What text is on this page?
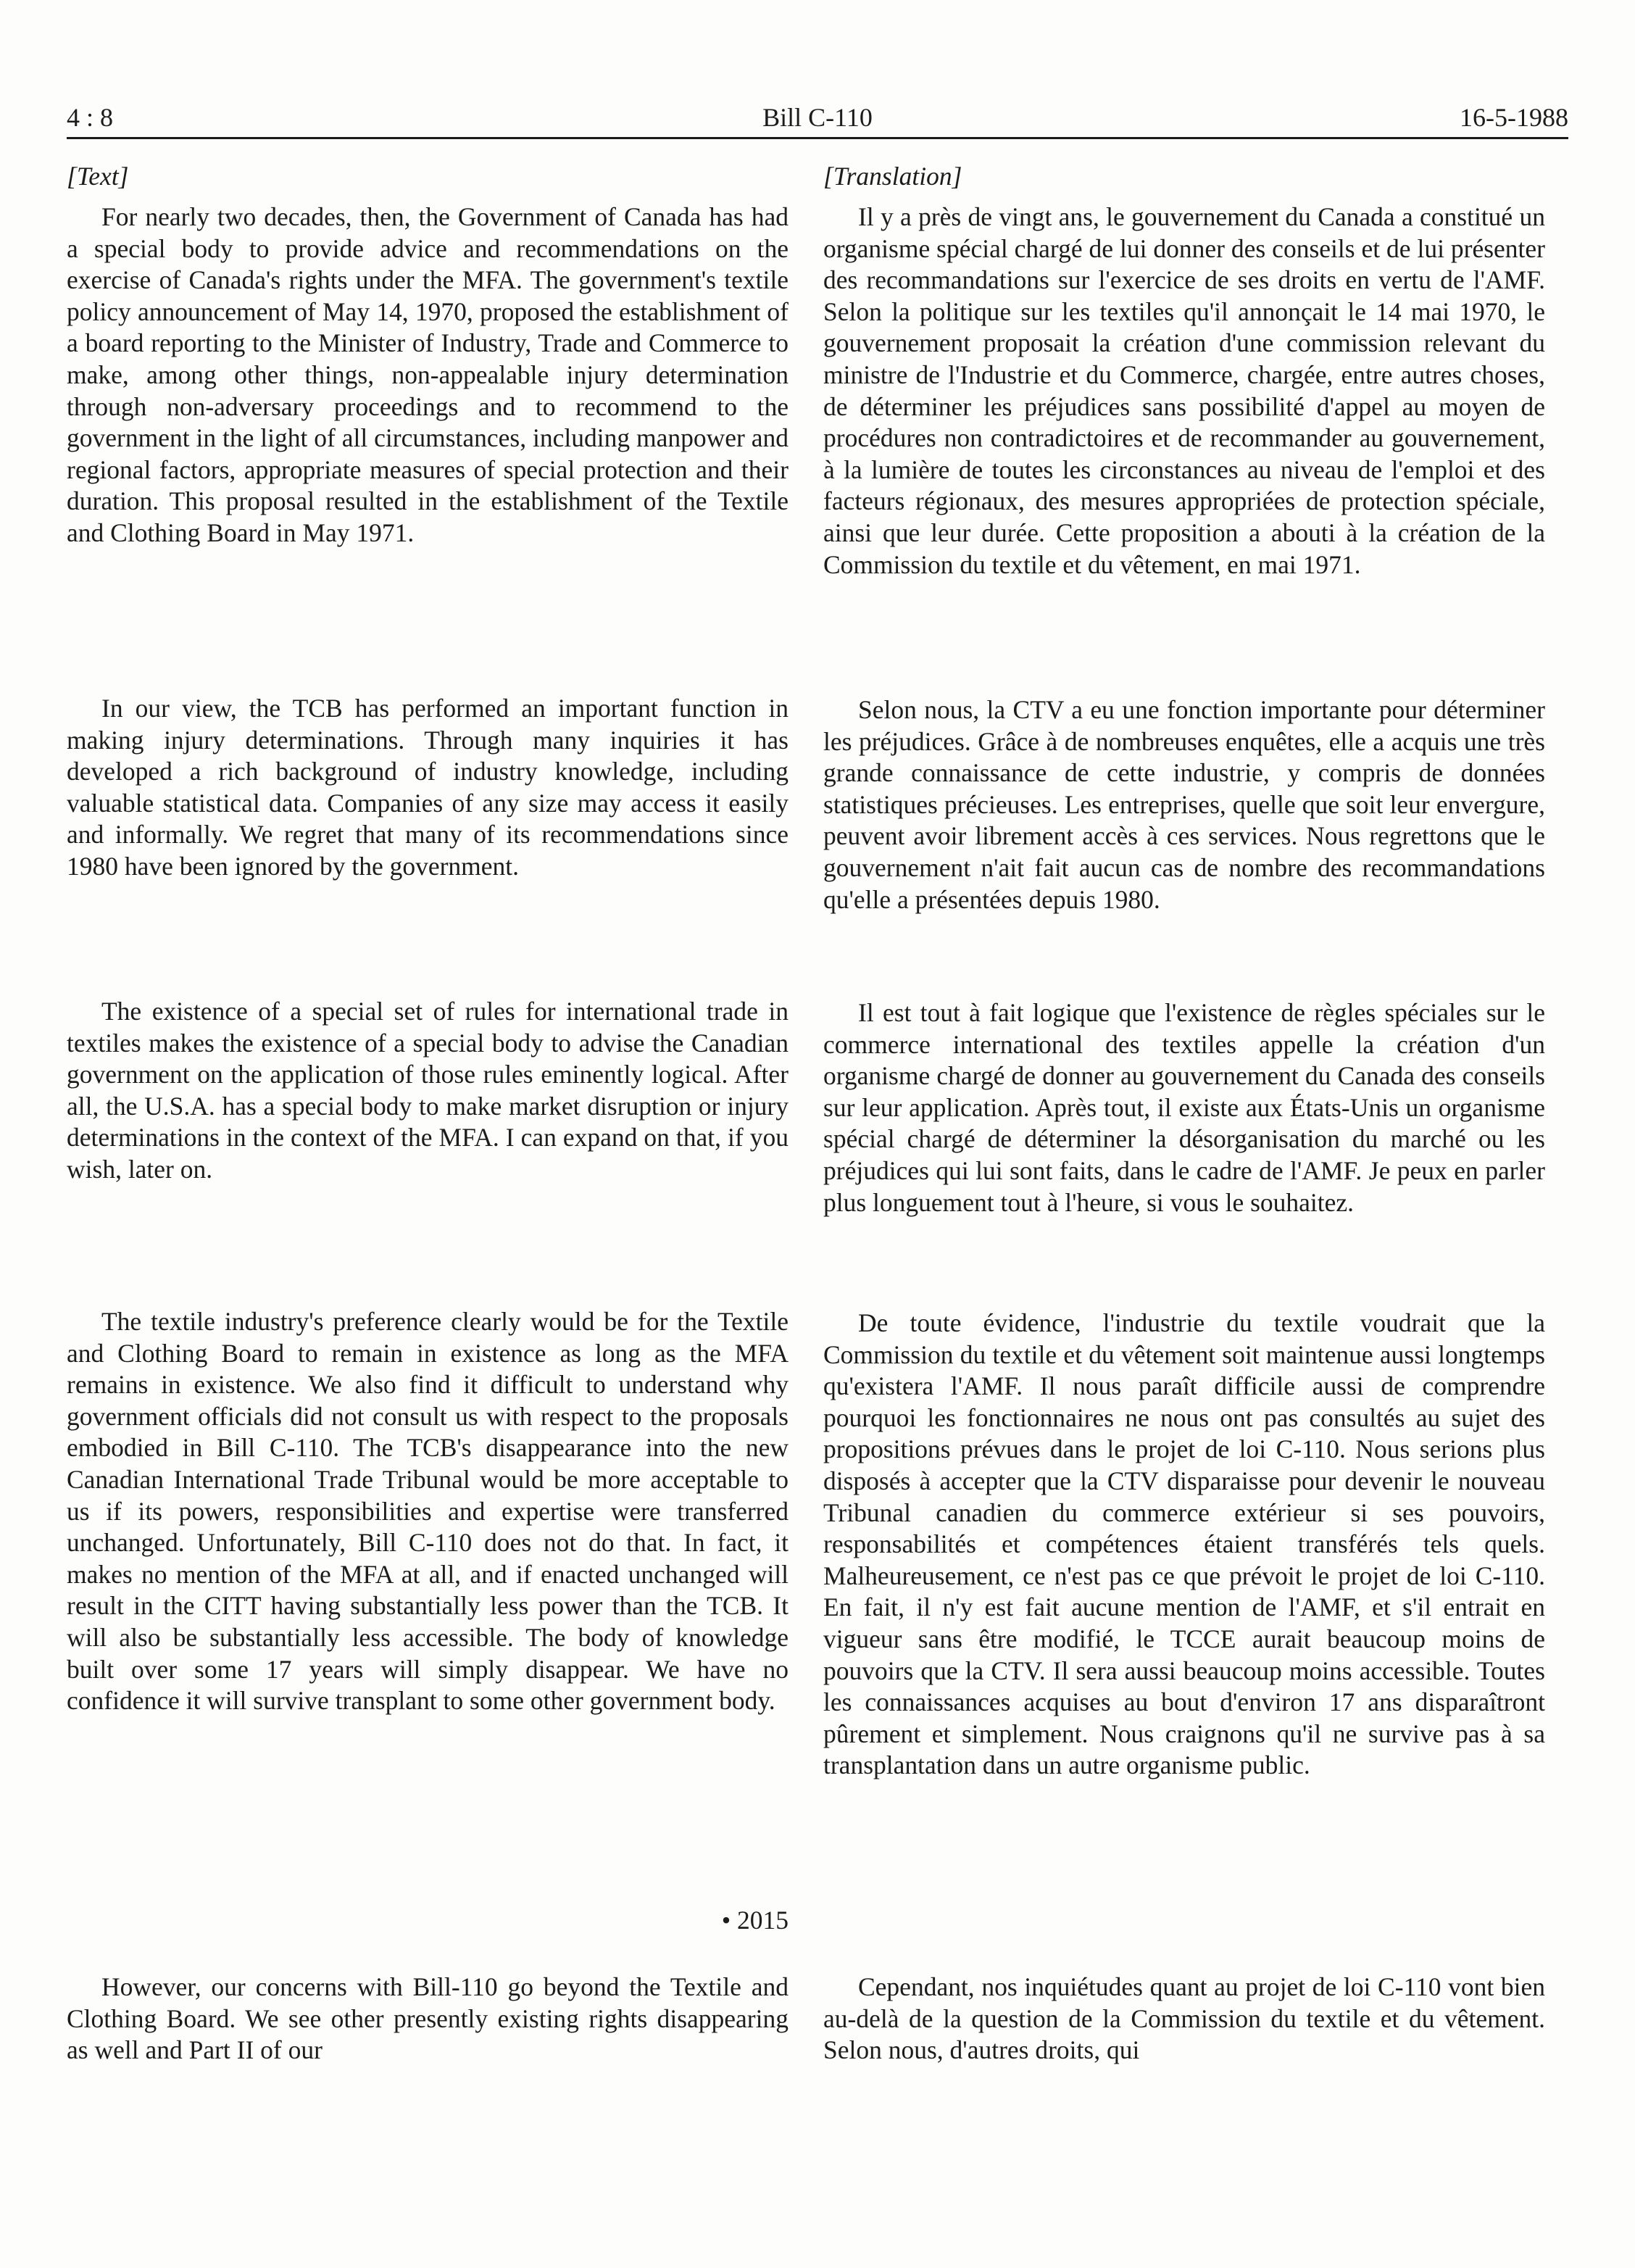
4 : 8	Bill C-110	16-5-1988
[Text]

For nearly two decades, then, the Government of Canada has had a special body to provide advice and recommendations on the exercise of Canada's rights under the MFA. The government's textile policy announcement of May 14, 1970, proposed the establishment of a board reporting to the Minister of Industry, Trade and Commerce to make, among other things, non-appealable injury determination through non-adversary proceedings and to recommend to the government in the light of all circumstances, including manpower and regional factors, appropriate measures of special protection and their duration. This proposal resulted in the establishment of the Textile and Clothing Board in May 1971.

In our view, the TCB has performed an important function in making injury determinations. Through many inquiries it has developed a rich background of industry knowledge, including valuable statistical data. Companies of any size may access it easily and informally. We regret that many of its recommendations since 1980 have been ignored by the government.

The existence of a special set of rules for international trade in textiles makes the existence of a special body to advise the Canadian government on the application of those rules eminently logical. After all, the U.S.A. has a special body to make market disruption or injury determinations in the context of the MFA. I can expand on that, if you wish, later on.

The textile industry's preference clearly would be for the Textile and Clothing Board to remain in existence as long as the MFA remains in existence. We also find it difficult to understand why government officials did not consult us with respect to the proposals embodied in Bill C-110. The TCB's disappearance into the new Canadian International Trade Tribunal would be more acceptable to us if its powers, responsibilities and expertise were transferred unchanged. Unfortunately, Bill C-110 does not do that. In fact, it makes no mention of the MFA at all, and if enacted unchanged will result in the CITT having substantially less power than the TCB. It will also be substantially less accessible. The body of knowledge built over some 17 years will simply disappear. We have no confidence it will survive transplant to some other government body.

• 2015

However, our concerns with Bill-110 go beyond the Textile and Clothing Board. We see other presently existing rights disappearing as well and Part II of our

[Translation]

Il y a près de vingt ans, le gouvernement du Canada a constitué un organisme spécial chargé de lui donner des conseils et de lui présenter des recommandations sur l'exercice de ses droits en vertu de l'AMF. Selon la politique sur les textiles qu'il annonçait le 14 mai 1970, le gouvernement proposait la création d'une commission relevant du ministre de l'Industrie et du Commerce, chargée, entre autres choses, de déterminer les préjudices sans possibilité d'appel au moyen de procédures non contradictoires et de recommander au gouvernement, à la lumière de toutes les circonstances au niveau de l'emploi et des facteurs régionaux, des mesures appropriées de protection spéciale, ainsi que leur durée. Cette proposition a abouti à la création de la Commission du textile et du vêtement, en mai 1971.

Selon nous, la CTV a eu une fonction importante pour déterminer les préjudices. Grâce à de nombreuses enquêtes, elle a acquis une très grande connaissance de cette industrie, y compris de données statistiques précieuses. Les entreprises, quelle que soit leur envergure, peuvent avoir librement accès à ces services. Nous regrettons que le gouvernement n'ait fait aucun cas de nombre des recommandations qu'elle a présentées depuis 1980.

Il est tout à fait logique que l'existence de règles spéciales sur le commerce international des textiles appelle la création d'un organisme chargé de donner au gouvernement du Canada des conseils sur leur application. Après tout, il existe aux États-Unis un organisme spécial chargé de déterminer la désorganisation du marché ou les préjudices qui lui sont faits, dans le cadre de l'AMF. Je peux en parler plus longuement tout à l'heure, si vous le souhaitez.

De toute évidence, l'industrie du textile voudrait que la Commission du textile et du vêtement soit maintenue aussi longtemps qu'existera l'AMF. Il nous paraît difficile aussi de comprendre pourquoi les fonctionnaires ne nous ont pas consultés au sujet des propositions prévues dans le projet de loi C-110. Nous serions plus disposés à accepter que la CTV disparaisse pour devenir le nouveau Tribunal canadien du commerce extérieur si ses pouvoirs, responsabilités et compétences étaient transférés tels quels. Malheureusement, ce n'est pas ce que prévoit le projet de loi C-110. En fait, il n'y est fait aucune mention de l'AMF, et s'il entrait en vigueur sans être modifié, le TCCE aurait beaucoup moins de pouvoirs que la CTV. Il sera aussi beaucoup moins accessible. Toutes les connaissances acquises au bout d'environ 17 ans disparaîtront pûrement et simplement. Nous craignons qu'il ne survive pas à sa transplantation dans un autre organisme public.

Cependant, nos inquiétudes quant au projet de loi C-110 vont bien au-delà de la question de la Commission du textile et du vêtement. Selon nous, d'autres droits, qui
